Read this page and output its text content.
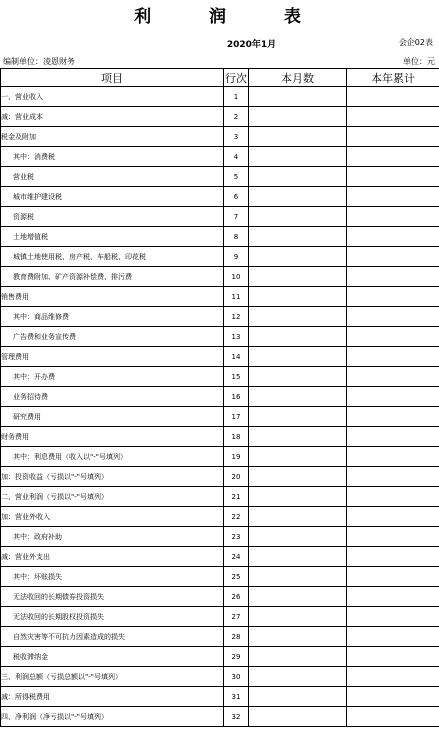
利 润 表
2020年1月	会企02表
编制单位：凌恩财务	单位：元
项目	行次	本月数	本年累计
一、营业收入	1		
减：营业成本	2		
税金及附加	3		
其中：消费税	4		
营业税	5		
城市维护建设税	6		
资源税	7		
土地增值税	8		
城镇土地使用税、房产税、车船税、印花税	9		
教育费附加、矿产资源补偿费、排污费	10		
销售费用	11		
其中：商品维修费	12		
广告费和业务宣传费	13		
管理费用	14		
其中：开办费	15		
业务招待费	16		
研究费用	17		
财务费用	18		
其中：利息费用（收入以"-"号填列）	19		
加：投资收益（亏损以"-"号填列）	20		
二、营业利润（亏损以"-"号填列）	21		
加：营业外收入	22		
其中：政府补助	23		
减：营业外支出	24		
其中：坏账损失	25		
无法收回的长期债券投资损失	26		
无法收回的长期股权投资损失	27		
自然灾害等不可抗力因素造成的损失	28		
税收滞纳金	29		
三、利润总额（亏损总额以"-"号填列）	30		
减：所得税费用	31		
四、净利润（净亏损以"-"号填列）	32		
